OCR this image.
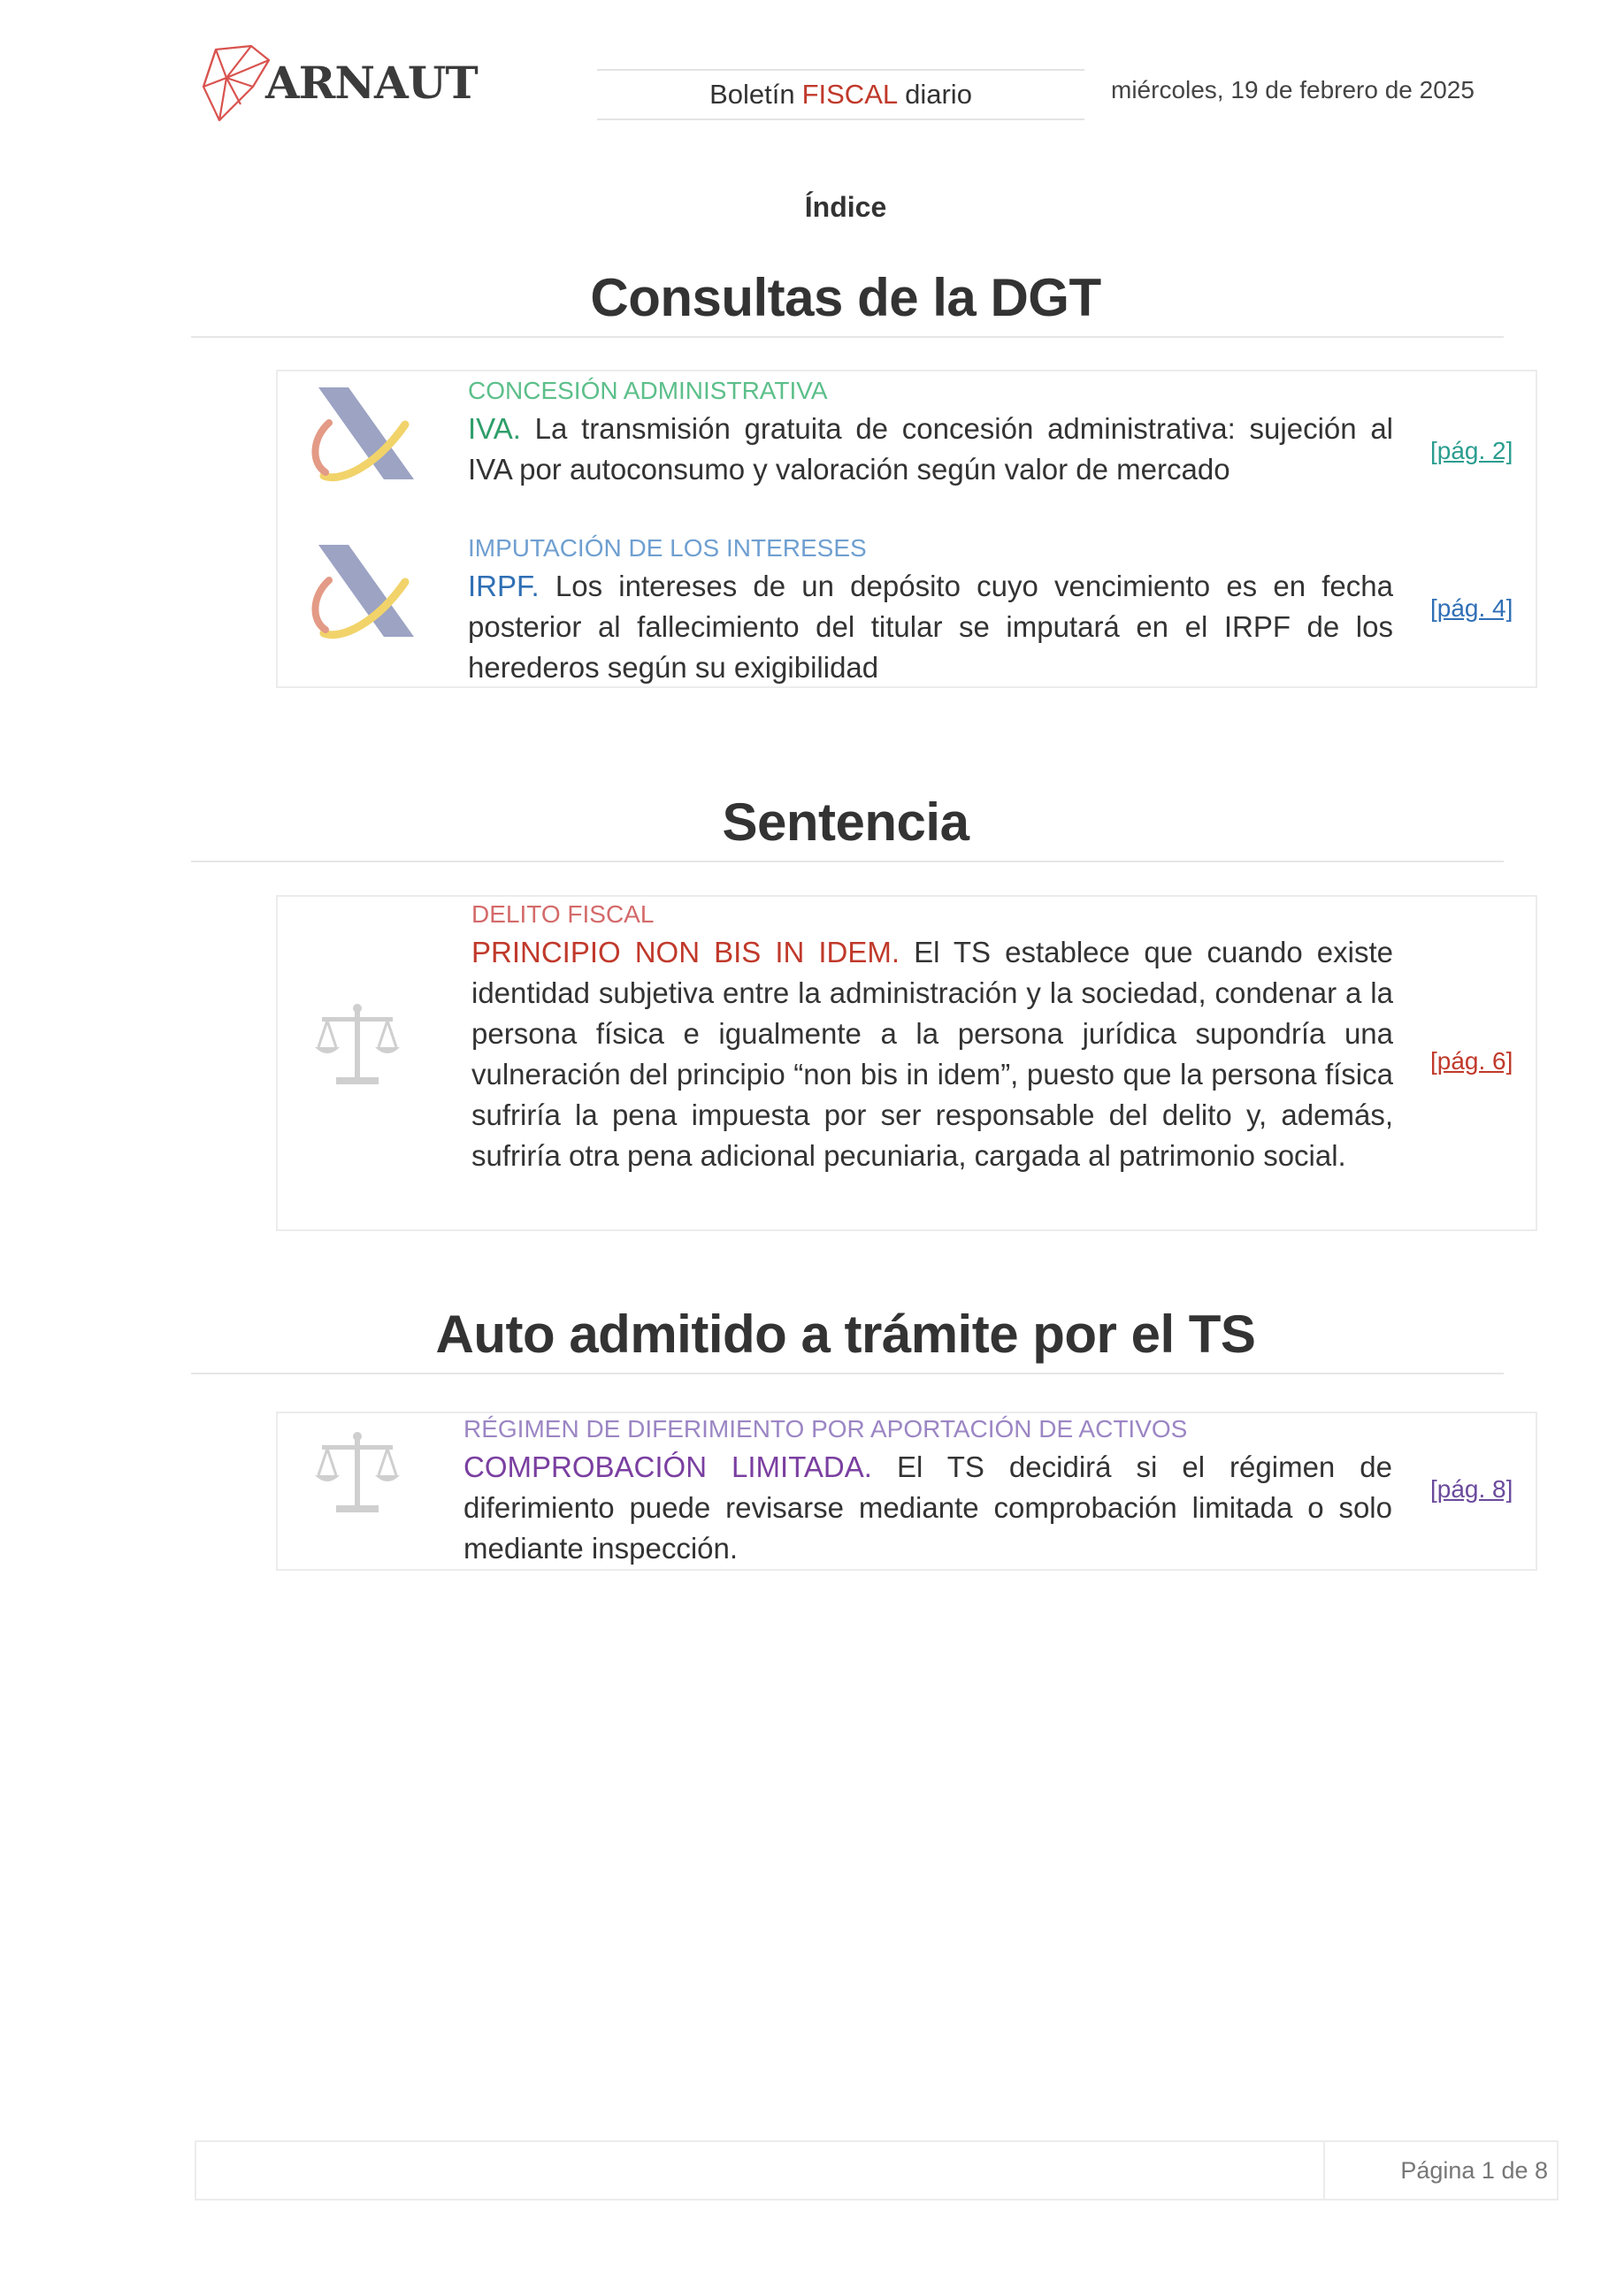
ARNAUT	Boletín FISCAL diario	miércoles, 19 de febrero de 2025
Índice
Consultas de la DGT
CONCESIÓN ADMINISTRATIVA
IVA. La transmisión gratuita de concesión administrativa: sujeción al IVA por autoconsumo y valoración según valor de mercado
[pág. 2]
IMPUTACIÓN DE LOS INTERESES
IRPF. Los intereses de un depósito cuyo vencimiento es en fecha posterior al fallecimiento del titular se imputará en el IRPF de los herederos según su exigibilidad
[pág. 4]
Sentencia
DELITO FISCAL
PRINCIPIO NON BIS IN IDEM. El TS establece que cuando existe identidad subjetiva entre la administración y la sociedad, condenar a la persona física e igualmente a la persona jurídica supondría una vulneración del principio “non bis in idem”, puesto que la persona física sufriría la pena impuesta por ser responsable del delito y, además, sufriría otra pena adicional pecuniaria, cargada al patrimonio social.
[pág. 6]
Auto admitido a trámite por el TS
RÉGIMEN DE DIFERIMIENTO POR APORTACIÓN DE ACTIVOS
COMPROBACIÓN LIMITADA. El TS decidirá si el régimen de diferimiento puede revisarse mediante comprobación limitada o solo mediante inspección.
[pág. 8]
Página 1 de 8
